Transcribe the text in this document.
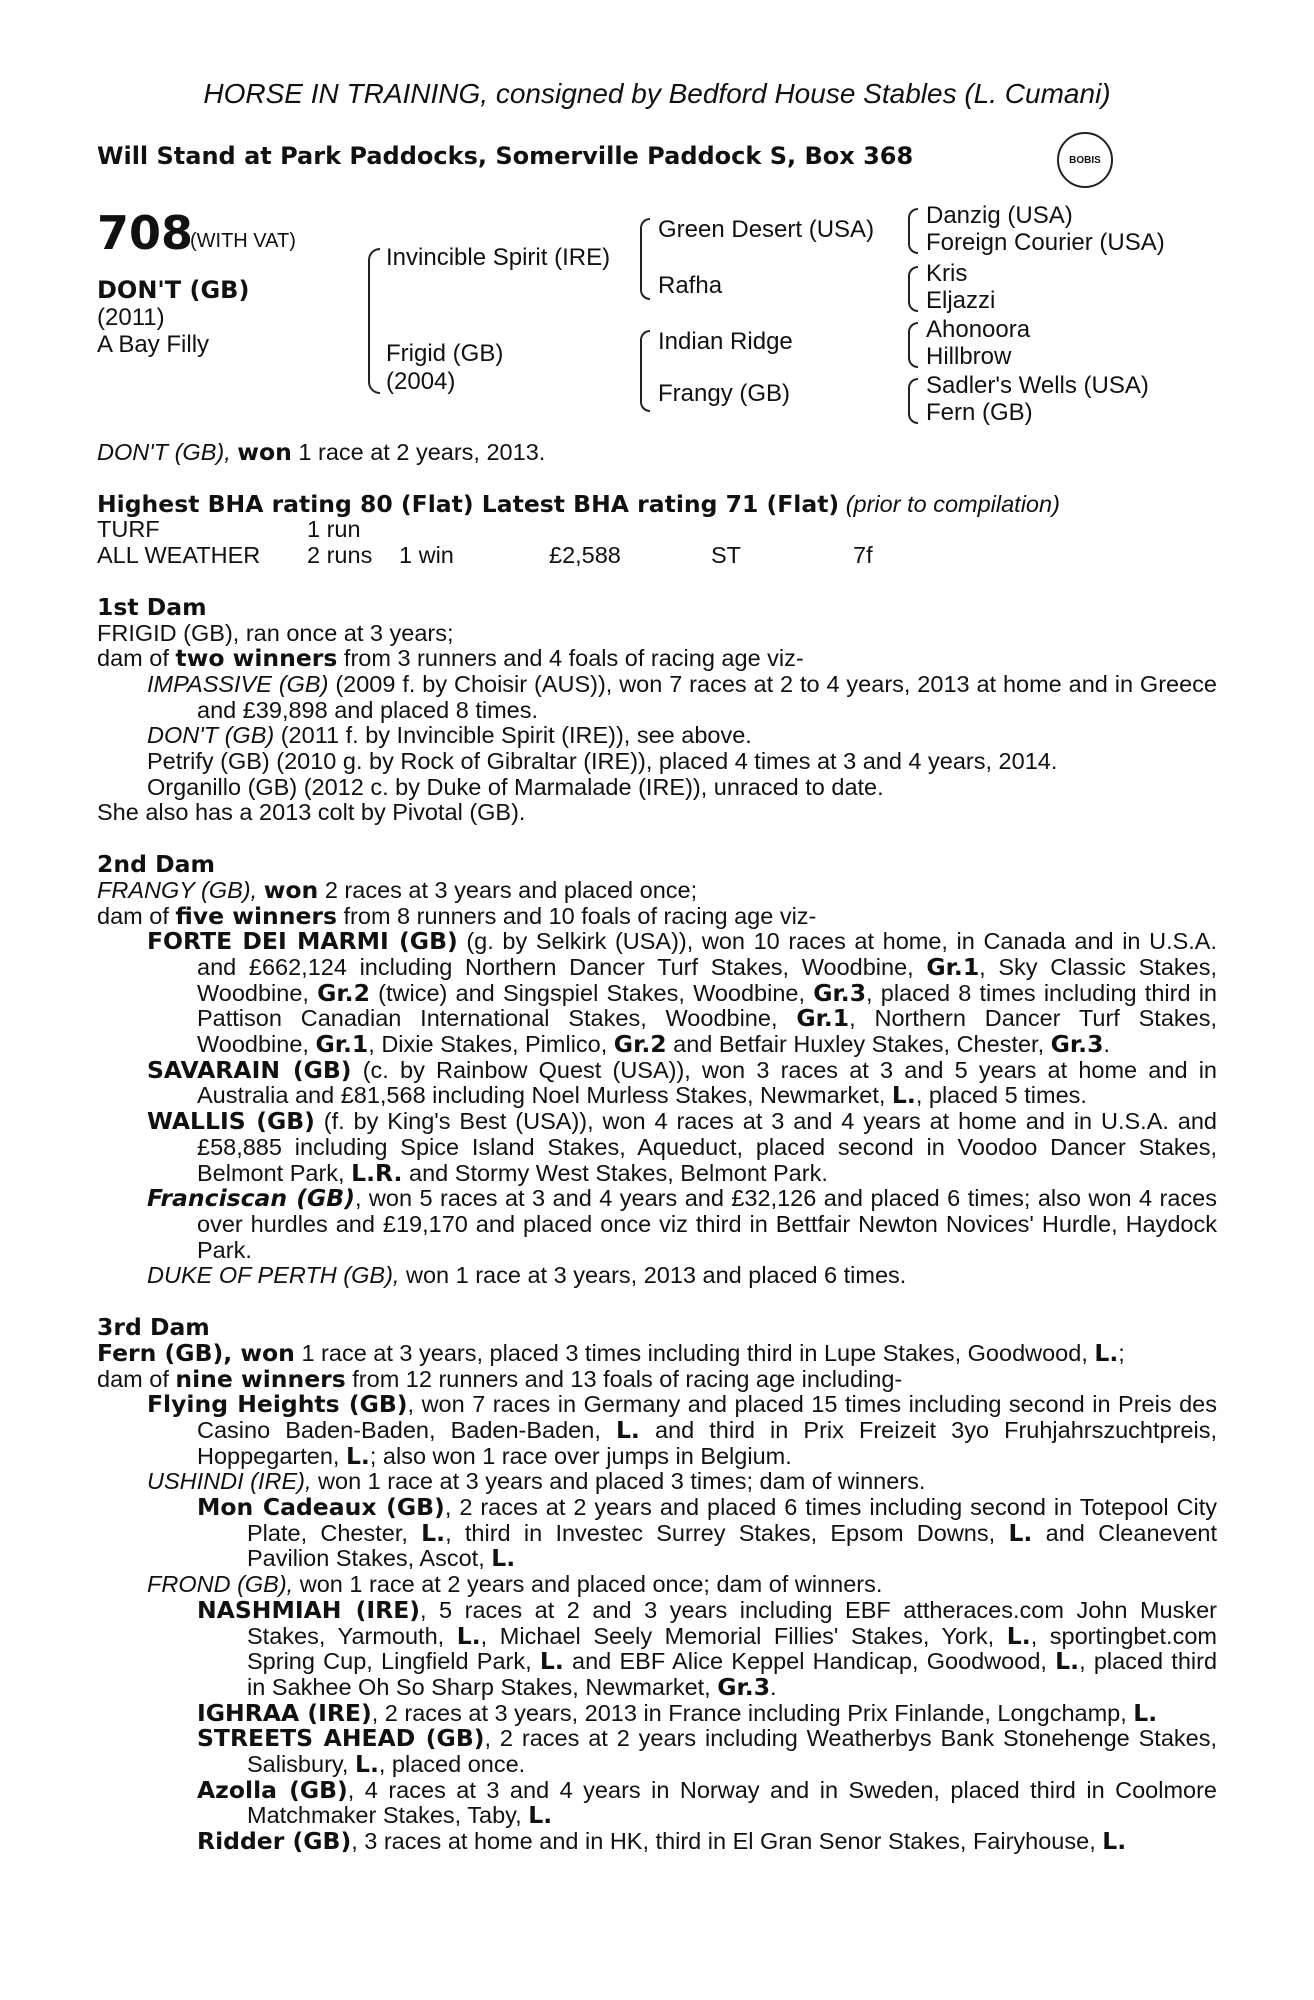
HORSE IN TRAINING, consigned by Bedford House Stables (L. Cumani)
Will Stand at Park Paddocks, Somerville Paddock S, Box 368	BOBIS
708
(WITH VAT)
DON'T (GB)
(2011)
A Bay Filly
Invincible Spirit (IRE)
Frigid (GB)
(2004)
Green Desert (USA)
Rafha
Indian Ridge
Frangy (GB)
Danzig (USA)
Foreign Courier (USA)
Kris
Eljazzi
Ahonoora
Hillbrow
Sadler's Wells (USA)
Fern (GB)

DON'T (GB), won 1 race at 2 years, 2013.

Highest BHA rating 80 (Flat) Latest BHA rating 71 (Flat) (prior to compilation)

TURF	1 run
ALL WEATHER	2 runs	1 win	£2,588	ST	7f

1st Dam

FRIGID (GB), ran once at 3 years;

dam of two winners from 3 runners and 4 foals of racing age viz-

IMPASSIVE (GB) (2009 f. by Choisir (AUS)), won 7 races at 2 to 4 years, 2013 at home and in Greece and £39,898 and placed 8 times.

DON'T (GB) (2011 f. by Invincible Spirit (IRE)), see above.

Petrify (GB) (2010 g. by Rock of Gibraltar (IRE)), placed 4 times at 3 and 4 years, 2014.

Organillo (GB) (2012 c. by Duke of Marmalade (IRE)), unraced to date.

She also has a 2013 colt by Pivotal (GB).

2nd Dam

FRANGY (GB), won 2 races at 3 years and placed once;

dam of five winners from 8 runners and 10 foals of racing age viz-

FORTE DEI MARMI (GB) (g. by Selkirk (USA)), won 10 races at home, in Canada and in U.S.A. and £662,124 including Northern Dancer Turf Stakes, Woodbine, Gr.1, Sky Classic Stakes, Woodbine, Gr.2 (twice) and Singspiel Stakes, Woodbine, Gr.3, placed 8 times including third in Pattison Canadian International Stakes, Woodbine, Gr.1, Northern Dancer Turf Stakes, Woodbine, Gr.1, Dixie Stakes, Pimlico, Gr.2 and Betfair Huxley Stakes, Chester, Gr.3.

SAVARAIN (GB) (c. by Rainbow Quest (USA)), won 3 races at 3 and 5 years at home and in Australia and £81,568 including Noel Murless Stakes, Newmarket, L., placed 5 times.

WALLIS (GB) (f. by King's Best (USA)), won 4 races at 3 and 4 years at home and in U.S.A. and £58,885 including Spice Island Stakes, Aqueduct, placed second in Voodoo Dancer Stakes, Belmont Park, L.R. and Stormy West Stakes, Belmont Park.

Franciscan (GB), won 5 races at 3 and 4 years and £32,126 and placed 6 times; also won 4 races over hurdles and £19,170 and placed once viz third in Bettfair Newton Novices' Hurdle, Haydock Park.

DUKE OF PERTH (GB), won 1 race at 3 years, 2013 and placed 6 times.

3rd Dam

Fern (GB), won 1 race at 3 years, placed 3 times including third in Lupe Stakes, Goodwood, L.;

dam of nine winners from 12 runners and 13 foals of racing age including-

Flying Heights (GB), won 7 races in Germany and placed 15 times including second in Preis des Casino Baden-Baden, Baden-Baden, L. and third in Prix Freizeit 3yo Fruhjahrszuchtpreis, Hoppegarten, L.; also won 1 race over jumps in Belgium.

USHINDI (IRE), won 1 race at 3 years and placed 3 times; dam of winners.

Mon Cadeaux (GB), 2 races at 2 years and placed 6 times including second in Totepool City Plate, Chester, L., third in Investec Surrey Stakes, Epsom Downs, L. and Cleanevent Pavilion Stakes, Ascot, L.

FROND (GB), won 1 race at 2 years and placed once; dam of winners.

NASHMIAH (IRE), 5 races at 2 and 3 years including EBF attheraces.com John Musker Stakes, Yarmouth, L., Michael Seely Memorial Fillies' Stakes, York, L., sportingbet.com Spring Cup, Lingfield Park, L. and EBF Alice Keppel Handicap, Goodwood, L., placed third in Sakhee Oh So Sharp Stakes, Newmarket, Gr.3.

IGHRAA (IRE), 2 races at 3 years, 2013 in France including Prix Finlande, Longchamp, L.

STREETS AHEAD (GB), 2 races at 2 years including Weatherbys Bank Stonehenge Stakes, Salisbury, L., placed once.

Azolla (GB), 4 races at 3 and 4 years in Norway and in Sweden, placed third in Coolmore Matchmaker Stakes, Taby, L.

Ridder (GB), 3 races at home and in HK, third in El Gran Senor Stakes, Fairyhouse, L.
